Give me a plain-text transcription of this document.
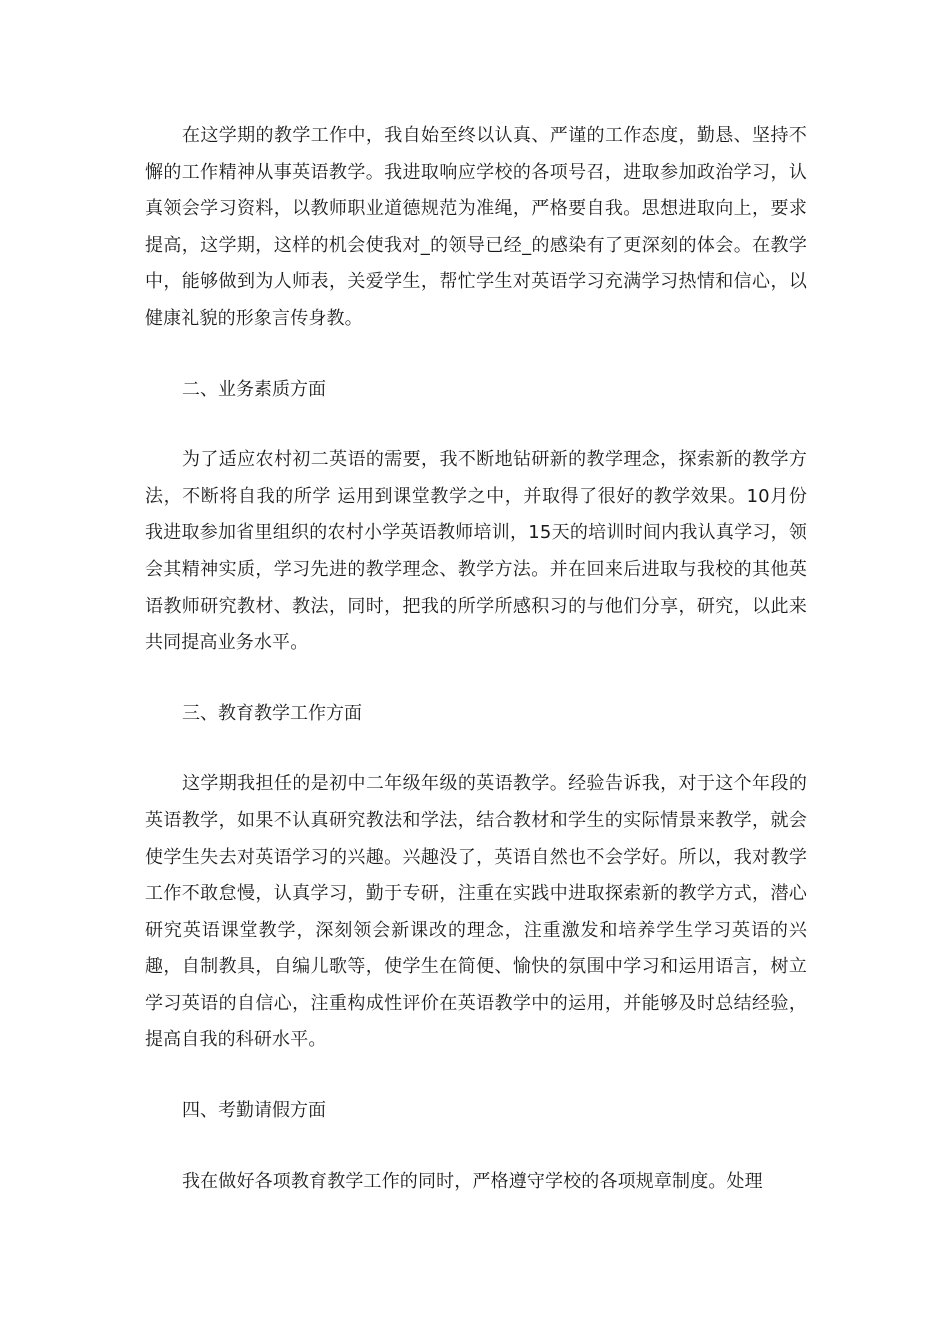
在这学期的教学工作中，我自始至终以认真、严谨的工作态度，勤恳、坚持不懈的工作精神从事英语教学。我进取响应学校的各项号召，进取参加政治学习，认真领会学习资料，以教师职业道德规范为准绳，严格要自我。思想进取向上，要求提高，这学期，这样的机会使我对_的领导已经_的感染有了更深刻的体会。在教学中，能够做到为人师表，关爱学生，帮忙学生对英语学习充满学习热情和信心，以健康礼貌的形象言传身教。

二、业务素质方面

为了适应农村初二英语的需要，我不断地钻研新的教学理念，探索新的教学方法，不断将自我的所学 运用到课堂教学之中，并取得了很好的教学效果。10月份我进取参加省里组织的农村小学英语教师培训，15天的培训时间内我认真学习，领会其精神实质，学习先进的教学理念、教学方法。并在回来后进取与我校的其他英语教师研究教材、教法，同时，把我的所学所感积习的与他们分享，研究，以此来共同提高业务水平。

三、教育教学工作方面

这学期我担任的是初中二年级年级的英语教学。经验告诉我，对于这个年段的英语教学，如果不认真研究教法和学法，结合教材和学生的实际情景来教学，就会使学生失去对英语学习的兴趣。兴趣没了，英语自然也不会学好。所以，我对教学工作不敢怠慢，认真学习，勤于专研，注重在实践中进取探索新的教学方式，潜心研究英语课堂教学，深刻领会新课改的理念，注重激发和培养学生学习英语的兴趣，自制教具，自编儿歌等，使学生在简便、愉快的氛围中学习和运用语言，树立学习英语的自信心，注重构成性评价在英语教学中的运用，并能够及时总结经验，提高自我的科研水平。

四、考勤请假方面

我在做好各项教育教学工作的同时，严格遵守学校的各项规章制度。处理
